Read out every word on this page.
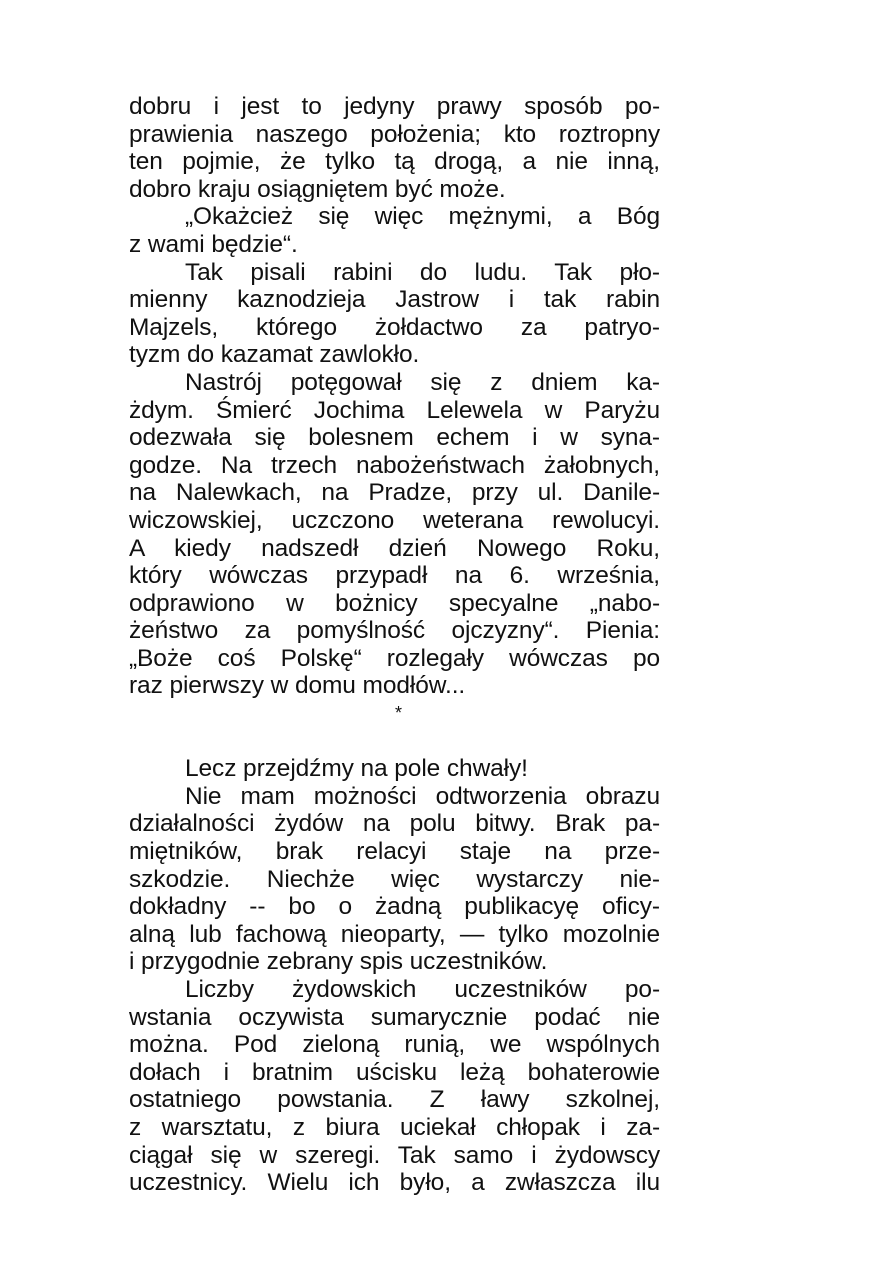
dobru i jest to jedyny prawy sposób po-
prawienia naszego położenia; kto roztropny
ten pojmie, że tylko tą drogą, a nie inną,
dobro kraju osiągniętem być może.
„Okażcież się więc mężnymi, a Bóg
z wami będzie“.
Tak pisali rabini do ludu. Tak pło-
mienny kaznodzieja Jastrow i tak rabin
Majzels, którego żołdactwo za patryo-
tyzm do kazamat zawlokło.
Nastrój potęgował się z dniem ka-
żdym. Śmierć Jochima Lelewela w Paryżu
odezwała się bolesnem echem i w syna-
godze. Na trzech nabożeństwach żałobnych,
na Nalewkach, na Pradze, przy ul. Danile-
wiczowskiej, uczczono weterana rewolucyi.
A kiedy nadszedł dzień Nowego Roku,
który wówczas przypadł na 6. września,
odprawiono w bożnicy specyalne „nabo-
żeństwo za pomyślność ojczyzny“. Pienia:
„Boże coś Polskę“ rozlegały wówczas po
raz pierwszy w domu modłów...
*
Lecz przejdźmy na pole chwały!
Nie mam możności odtworzenia obrazu
działalności żydów na polu bitwy. Brak pa-
miętników, brak relacyi staje na prze-
szkodzie. Niechże więc wystarczy nie-
dokładny -- bo o żadną publikacyę oficy-
alną lub fachową nieoparty, — tylko mozolnie
i przygodnie zebrany spis uczestników.
Liczby żydowskich uczestników po-
wstania oczywista sumarycznie podać nie
można. Pod zieloną runią, we wspólnych
dołach i bratnim uścisku leżą bohaterowie
ostatniego powstania. Z ławy szkolnej,
z warsztatu, z biura uciekał chłopak i za-
ciągał się w szeregi. Tak samo i żydowscy
uczestnicy. Wielu ich było, a zwłaszcza ilu
